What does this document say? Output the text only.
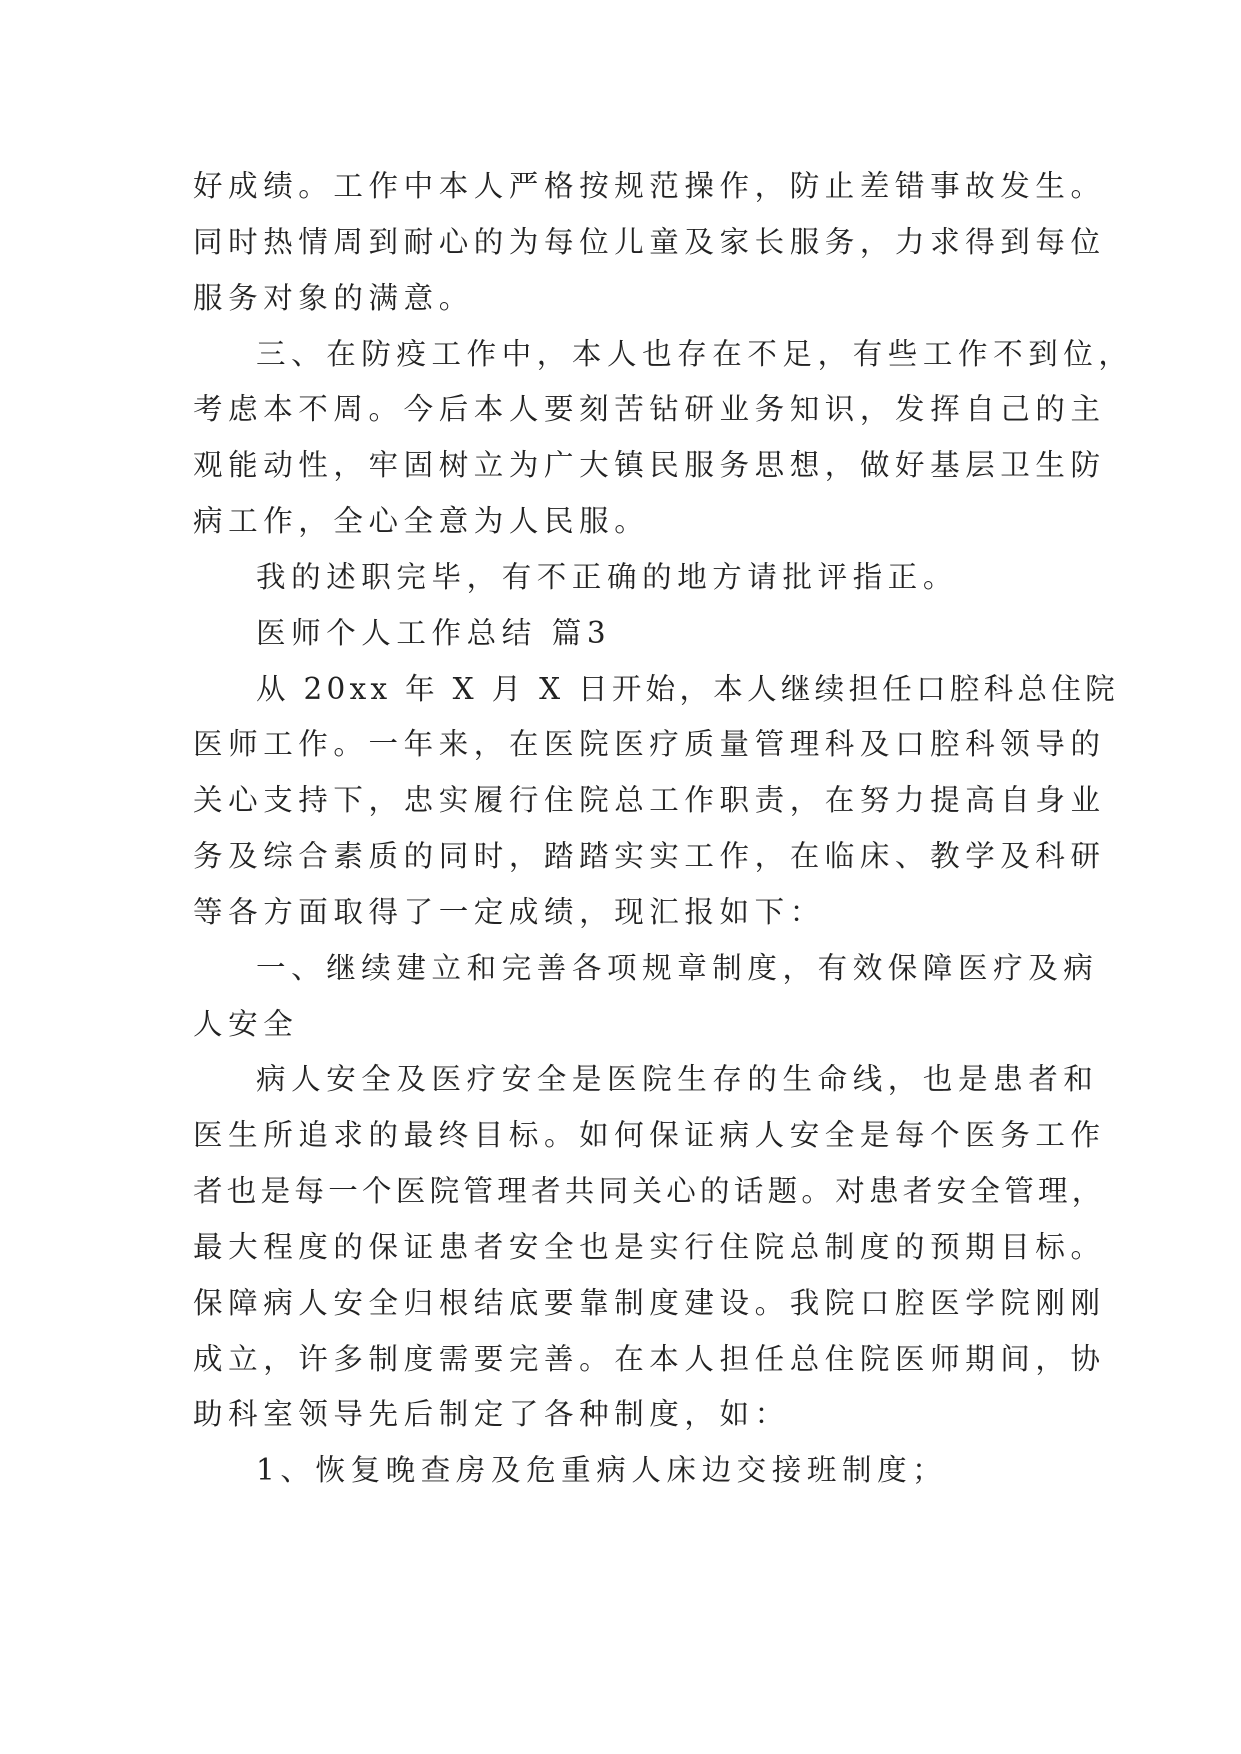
好成绩。工作中本人严格按规范操作，防止差错事故发生。

同时热情周到耐心的为每位儿童及家长服务，力求得到每位

服务对象的满意。

三、在防疫工作中，本人也存在不足，有些工作不到位，

考虑本不周。今后本人要刻苦钻研业务知识，发挥自己的主

观能动性，牢固树立为广大镇民服务思想，做好基层卫生防

病工作，全心全意为人民服。

我的述职完毕，有不正确的地方请批评指正。

医师个人工作总结 篇3

从 20xx 年 X 月 X 日开始，本人继续担任口腔科总住院

医师工作。一年来，在医院医疗质量管理科及口腔科领导的

关心支持下，忠实履行住院总工作职责，在努力提高自身业

务及综合素质的同时，踏踏实实工作，在临床、教学及科研

等各方面取得了一定成绩，现汇报如下：

一、继续建立和完善各项规章制度，有效保障医疗及病

人安全

病人安全及医疗安全是医院生存的生命线，也是患者和

医生所追求的最终目标。如何保证病人安全是每个医务工作

者也是每一个医院管理者共同关心的话题。对患者安全管理，

最大程度的保证患者安全也是实行住院总制度的预期目标。

保障病人安全归根结底要靠制度建设。我院口腔医学院刚刚

成立，许多制度需要完善。在本人担任总住院医师期间，协

助科室领导先后制定了各种制度，如：

1、恢复晚查房及危重病人床边交接班制度；
